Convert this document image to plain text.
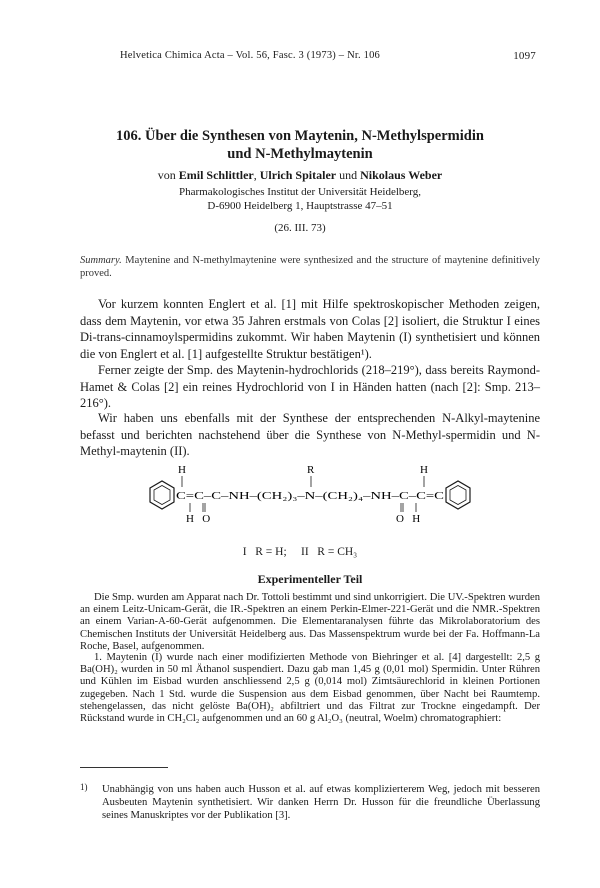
Helvetica Chimica Acta – Vol. 56, Fasc. 3 (1973) – Nr. 106	1097
106. Über die Synthesen von Maytenin, N-Methylspermidin
und N-Methylmaytenin
von Emil Schlittler, Ulrich Spitaler und Nikolaus Weber
Pharmakologisches Institut der Universität Heidelberg,
D-6900 Heidelberg 1, Hauptstrasse 47–51
(26. III. 73)
Summary. Maytenine and N-methylmaytenine were synthesized and the structure of maytenine definitively proved.

Vor kurzem konnten Englert et al. [1] mit Hilfe spektroskopischer Methoden zeigen, dass dem Maytenin, vor etwa 35 Jahren erstmals von Colas [2] isoliert, die Struktur I eines Di-trans-cinnamoylspermidins zukommt. Wir haben Maytenin (I) synthetisiert und können die von Englert et al. [1] aufgestellte Struktur bestätigen¹).

Ferner zeigte der Smp. des Maytenin-hydrochlorids (218–219°), dass bereits Raymond-Hamet & Colas [2] ein reines Hydrochlorid von I in Händen hatten (nach [2]: Smp. 213–216°).

Wir haben uns ebenfalls mit der Synthese der entsprechenden N-Alkyl-maytenine befasst und berichten nachstehend über die Synthese von N-Methyl-spermidin und N-Methyl-maytenin (II).

H	R	H
C=C–C–NH–(CH₂)₃–N–(CH₂)₄–NH–C–C=C
H   O	O   H
I   R = H;     II   R = CH₃
Experimenteller Teil

Die Smp. wurden am Apparat nach Dr. Tottoli bestimmt und sind unkorrigiert. Die UV.-Spektren wurden an einem Leitz-Unicam-Gerät, die IR.-Spektren an einem Perkin-Elmer-221-Gerät und die NMR.-Spektren an einem Varian-A-60-Gerät aufgenommen. Die Elementaranalysen führte das Mikrolaboratorium des Chemischen Instituts der Universität Heidelberg aus. Das Massenspektrum wurde bei der Fa. Hoffmann-La Roche, Basel, aufgenommen.

1. Maytenin (I) wurde nach einer modifizierten Methode von Biehringer et al. [4] dargestellt: 2,5 g Ba(OH)₂ wurden in 50 ml Äthanol suspendiert. Dazu gab man 1,45 g (0,01 mol) Spermidin. Unter Rühren und Kühlen im Eisbad wurden anschliessend 2,5 g (0,014 mol) Zimtsäurechlorid in kleinen Portionen zugegeben. Nach 1 Std. wurde die Suspension aus dem Eisbad genommen, über Nacht bei Raumtemp. stehengelassen, das nicht gelöste Ba(OH)₂ abfiltriert und das Filtrat zur Trockne eingedampft. Der Rückstand wurde in CH₂Cl₂ aufgenommen und an 60 g Al₂O₃ (neutral, Woelm) chromatographiert:

1) Unabhängig von uns haben auch Husson et al. auf etwas komplizierterem Weg, jedoch mit besseren Ausbeuten Maytenin synthetisiert. Wir danken Herrn Dr. Husson für die freundliche Überlassung seines Manuskriptes vor der Publikation [3].
